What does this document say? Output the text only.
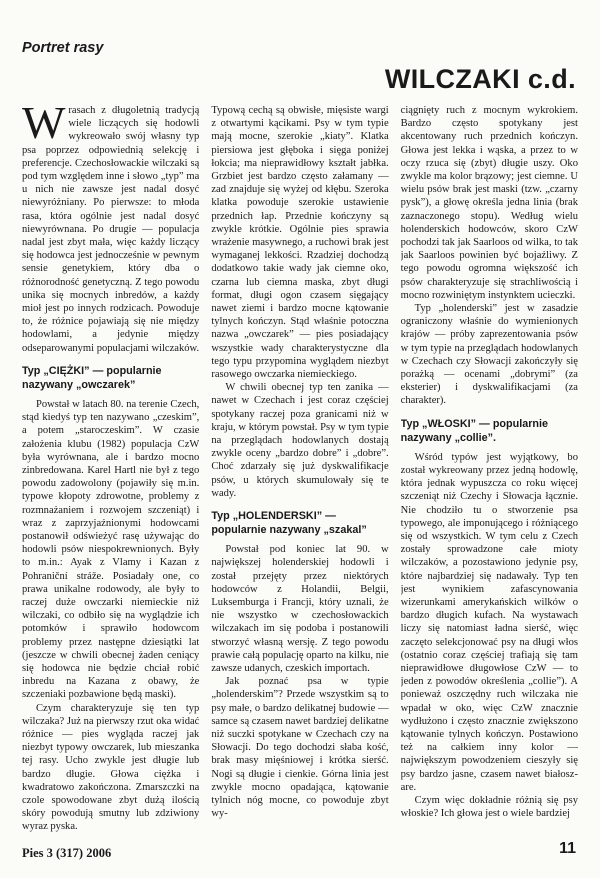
Portret rasy
WILCZAKI c.d.

Wrasach z długoletnią tradycją wiele liczących się hodowli wykreowało swój własny typ psa poprzez odpowiednią selekcję i preferencje. Czechosłowackie wilczaki są pod tym względem inne i słowo „typ” ma u nich nie zawsze jest nadal dosyć niewyróżniany. Po pierwsze: to młoda rasa, która ogólnie jest nadal dosyć niewyrównana. Po drugie — populacja nadal jest zbyt mała, więc każdy liczący się hodowca jest jednocześnie w pewnym sensie genetykiem, który dba o różnorodność genetyczną. Z tego powodu unika się mocnych inbredów, a każdy mioł jest po innych rodzicach. Powoduje to, że różnice pojawiają się nie między hodowlami, a jedynie między odseparowanymi populacjami wilczaków.

Typ „CIĘŻKI” — popularnie nazywany „owczarek”

Powstał w latach 80. na terenie Czech, stąd kiedyś typ ten nazywano „czeskim”, a potem „staroczeskim”. W czasie założenia klubu (1982) populacja CzW była wyrównana, ale i bardzo mocno zinbredowana. Karel Hartl nie był z tego powodu zadowolony (pojawiły się m.in. typowe kłopoty zdrowotne, problemy z rozmnażaniem i rozwojem szczeniąt) i wraz z zaprzyjaźnionymi hodowcami postanowił odświeżyć rasę używając do hodowli psów niespokrewnionych. Były to m.in.: Ayak z Vlamy i Kazan z Pohraniční stráže. Posiadały one, co prawa unikalne rodowody, ale były to raczej duże owczarki niemieckie niż wilczaki, co odbiło się na wyglądzie ich potomków i sprawiło hodowcom problemy przez następne dziesiątki lat (jeszcze w chwili obecnej żaden ceniący się hodowca nie będzie chciał robić inbredu na Kazana z obawy, że szczeniaki pozbawione będą maski).

Czym charakteryzuje się ten typ wilczaka? Już na pierwszy rzut oka widać różnice — pies wygląda raczej jak niezbyt typowy owczarek, lub mieszanka tej rasy. Ucho zwykle jest długie lub bardzo długie. Głowa ciężka i kwadratowo zakończona. Zmarszczki na czole spowodowane zbyt dużą ilością skóry powodują smutny lub zdziwiony wyraz pyska.

Typową cechą są obwisłe, mięsiste wargi z otwartymi kącikami. Psy w tym typie mają mocne, szerokie „kiaty”. Klatka piersiowa jest głęboka i sięga poniżej łokcia; ma nieprawidłowy kształt jabłka. Grzbiet jest bardzo często załamany — zad znajduje się wyżej od kłębu. Szeroka klatka powoduje szerokie ustawienie przednich łap. Przednie kończyny są zwykle krótkie. Ogólnie pies sprawia wrażenie masywnego, a ruchowi brak jest wymaganej lekkości. Rzadziej dochodzą dodatkowo takie wady jak ciemne oko, czarna lub ciemna maska, zbyt długi format, długi ogon czasem sięgający nawet ziemi i bardzo mocne kątowanie tylnych kończyn. Stąd właśnie potoczna nazwa „owczarek” — pies posiadający wszystkie wady charakterystyczne dla tego typu przypomina wyglądem niezbyt rasowego owczarka niemieckiego.

W chwili obecnej typ ten zanika — nawet w Czechach i jest coraz częściej spotykany raczej poza granicami niż w kraju, w którym powstał. Psy w tym typie na przeglądach hodowlanych dostają zwykle oceny „bardzo dobre” i „dobre”. Choć zdarzały się już dyskwalifikacje psów, u których skumulowały się te wady.

Typ „HOLENDERSKI” — popularnie nazywany „szakal”

Powstał pod koniec lat 90. w największej holenderskiej hodowli i został przejęty przez niektórych hodowców z Holandii, Belgii, Luksemburga i Francji, który uznali, że nie wszystko w czechosłowackich wilczakach im się podoba i postanowili stworzyć własną wersję. Z tego powodu prawie całą populację oparto na kilku, nie zawsze udanych, czeskich importach.

Jak poznać psa w typie „holenderskim”? Przede wszystkim są to psy małe, o bardzo delikatnej budowie — samce są czasem nawet bardziej delikatne niż suczki spotykane w Czechach czy na Słowacji. Do tego dochodzi słaba kość, brak masy mięśniowej i krótka sierść. Nogi są długie i cienkie. Górna linia jest zwykle mocno opadająca, kątowanie tylnich nóg mocne, co powoduje zbyt wy-

ciągnięty ruch z mocnym wykrokiem. Bardzo często spotykany jest akcentowany ruch przednich kończyn. Głowa jest lekka i wąska, a przez to w oczy rzuca się (zbyt) długie uszy. Oko zwykle ma kolor brązowy; jest ciemne. U wielu psów brak jest maski (tzw. „czarny pysk”), a głowę określa jedna linia (brak zaznaczonego stopu). Według wielu holenderskich hodowców, skoro CzW pochodzi tak jak Saarloos od wilka, to tak jak Saarloos powinien być bojaźliwy. Z tego powodu ogromna większość ich psów charakteryzuje się strachliwością i mocno rozwiniętym instynktem ucieczki.

Typ „holenderski” jest w zasadzie ograniczony właśnie do wymienionych krajów — próby zaprezentowania psów w tym typie na przeglądach hodowlanych w Czechach czy Słowacji zakończyły się porażką — ocenami „dobrymi” (za eksterier) i dyskwalifikacjami (za charakter).

Typ „WŁOSKI” — popularnie nazywany „collie”.

Wśród typów jest wyjątkowy, bo został wykreowany przez jedną hodowlę, która jednak wypuszcza co roku więcej szczeniąt niż Czechy i Słowacja łącznie. Nie chodziło tu o stworzenie psa typowego, ale imponującego i różniącego się od wszystkich. W tym celu z Czech zostały sprowadzone całe mioty wilczaków, a pozostawiono jedynie psy, które najbardziej się nadawały. Typ ten jest wynikiem zafascynowania wizerunkami amerykańskich wilków o bardzo długich kufach. Na wystawach liczy się natomiast ładna sierść, więc zaczęto selekcjonować psy na długi włos (ostatnio coraz częściej trafiają się tam nieprawidłowe długowłose CzW — to jeden z powodów określenia „collie”). A ponieważ oszczędny ruch wilczaka nie wpadał w oko, więc CzW znacznie wydłużono i często znacznie zwiększono kątowanie tylnych kończyn. Postawiono też na całkiem inny kolor — największym powodzeniem cieszyły się psy bardzo jasne, czasem nawet białoszare.

Czym więc dokładnie różnią się psy włoskie? Ich głowa jest o wiele bardziej

Pies 3 (317) 2006	11
